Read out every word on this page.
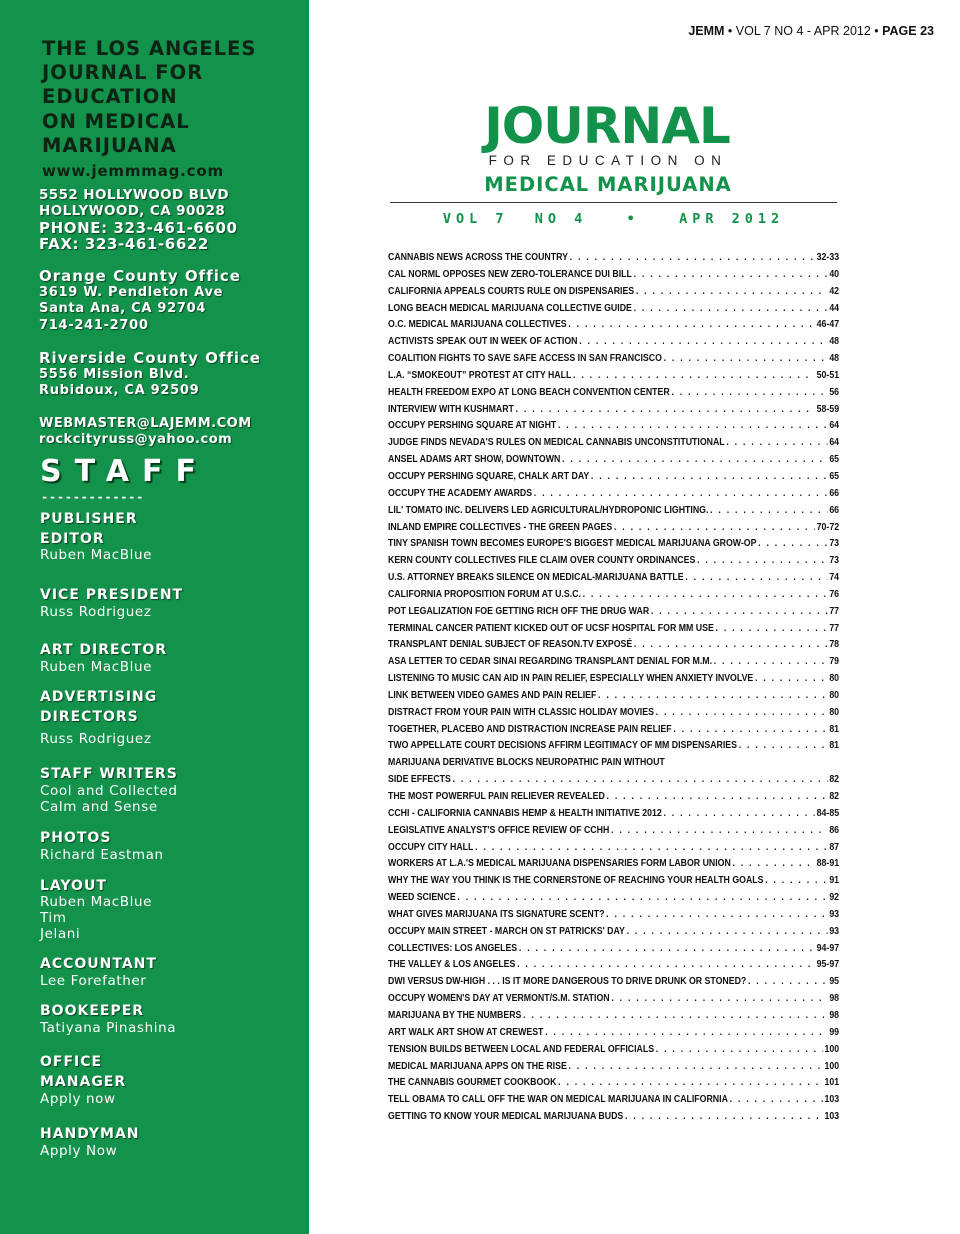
THE LOS ANGELES
JOURNAL FOR
EDUCATION
ON MEDICAL
MARIJUANA
www.jemmmag.com
5552 HOLLYWOOD BLVD
HOLLYWOOD, CA 90028
PHONE: 323-461-6600
FAX: 323-461-6622
Orange County Office
3619 W. Pendleton Ave
Santa Ana, CA 92704
714-241-2700
Riverside County Office
5556 Mission Blvd.
Rubidoux, CA 92509
WEBMASTER@LAJEMM.COM
rockcityruss@yahoo.com
STAFF
-------------
PUBLISHER
EDITOR
Ruben MacBlue
VICE PRESIDENT
Russ Rodriguez
ART DIRECTOR
Ruben MacBlue
ADVERTISING
DIRECTORS
Russ Rodriguez
STAFF WRITERS
Cool and Collected
Calm and Sense
PHOTOS
Richard Eastman
LAYOUT
Ruben MacBlue
Tim
Jelani
ACCOUNTANT
Lee Forefather
BOOKEEPER
Tatiyana Pinashina
OFFICE
MANAGER
Apply now
HANDYMAN
Apply Now
JEMM • VOL 7 NO 4 - APR 2012 • PAGE 23
JOURNAL
FOR EDUCATION ON
MEDICAL MARIJUANA
VOL 7  NO 4   •   APR 2012
CANNABIS NEWS ACROSS THE COUNTRY . . .	32-33
CAL NORML OPPOSES NEW ZERO-TOLERANCE DUI BILL . . .	40
CALIFORNIA APPEALS COURTS RULE ON DISPENSARIES . . .	42
LONG BEACH MEDICAL MARIJUANA COLLECTIVE GUIDE . . .	44
O.C. MEDICAL MARIJUANA COLLECTIVES . . .	46-47
ACTIVISTS SPEAK OUT IN WEEK OF ACTION . . .	48
COALITION FIGHTS TO SAVE SAFE ACCESS IN SAN FRANCISCO . . .	48
L.A. “SMOKEOUT” PROTEST AT CITY HALL . . .	50-51
HEALTH FREEDOM EXPO AT LONG BEACH CONVENTION CENTER . . .	56
INTERVIEW WITH KUSHMART . . .	58-59
OCCUPY PERSHING SQUARE AT NIGHT . . .	64
JUDGE FINDS NEVADA'S RULES ON MEDICAL CANNABIS UNCONSTITUTIONAL . . .	64
ANSEL ADAMS ART SHOW, DOWNTOWN . . .	65
OCCUPY PERSHING SQUARE, CHALK ART DAY . . .	65
OCCUPY THE ACADEMY AWARDS . . .	66
LIL' TOMATO INC. DELIVERS LED AGRICULTURAL/HYDROPONIC LIGHTING. . . .	66
INLAND EMPIRE COLLECTIVES - THE GREEN PAGES . . .	70-72
TINY SPANISH TOWN BECOMES EUROPE'S BIGGEST MEDICAL MARIJUANA GROW-OP . . .	73
KERN COUNTY COLLECTIVES FILE CLAIM OVER COUNTY ORDINANCES . . .	73
U.S. ATTORNEY BREAKS SILENCE ON MEDICAL-MARIJUANA BATTLE . . .	74
CALIFORNIA PROPOSITION FORUM AT U.S.C. . . .	76
POT LEGALIZATION FOE GETTING RICH OFF THE DRUG WAR . . .	77
TERMINAL CANCER PATIENT KICKED OUT OF UCSF HOSPITAL FOR MM USE . . .	77
TRANSPLANT DENIAL SUBJECT OF REASON.TV EXPOSÉ . . .	78
ASA LETTER TO CEDAR SINAI REGARDING TRANSPLANT DENIAL FOR M.M. . . .	79
LISTENING TO MUSIC CAN AID IN PAIN RELIEF, ESPECIALLY WHEN ANXIETY INVOLVE . . .	80
LINK BETWEEN VIDEO GAMES AND PAIN RELIEF . . .	80
DISTRACT FROM YOUR PAIN WITH CLASSIC HOLIDAY MOVIES . . .	80
TOGETHER, PLACEBO AND DISTRACTION INCREASE PAIN RELIEF . . .	81
TWO APPELLATE COURT DECISIONS AFFIRM LEGITIMACY OF MM DISPENSARIES . . .	81
MARIJUANA DERIVATIVE BLOCKS NEUROPATHIC PAIN WITHOUT
SIDE EFFECTS . . .	82
THE MOST POWERFUL PAIN RELIEVER REVEALED . . .	82
CCHI - CALIFORNIA CANNABIS HEMP & HEALTH INITIATIVE 2012 . . .	84-85
LEGISLATIVE ANALYST'S OFFICE REVIEW OF CCHH . . .	86
OCCUPY CITY HALL . . .	87
WORKERS AT L.A.'S MEDICAL MARIJUANA DISPENSARIES FORM LABOR UNION . . .	88-91
WHY THE WAY YOU THINK IS THE CORNERSTONE OF REACHING YOUR HEALTH GOALS . . .	91
WEED SCIENCE . . .	92
WHAT GIVES MARIJUANA ITS SIGNATURE SCENT? . . .	93
OCCUPY MAIN STREET - MARCH ON ST PATRICKS' DAY . . .	93
COLLECTIVES: LOS ANGELES . . .	94-97
THE VALLEY & LOS ANGELES . . .	95-97
DWI VERSUS DW-HIGH . . . IS IT MORE DANGEROUS TO DRIVE DRUNK OR STONED? . . .	95
OCCUPY WOMEN'S DAY AT VERMONT/S.M. STATION . . .	98
MARIJUANA BY THE NUMBERS . . .	98
ART WALK ART SHOW AT CREWEST . . .	99
TENSION BUILDS BETWEEN LOCAL AND FEDERAL OFFICIALS . . .	100
MEDICAL MARIJUANA APPS ON THE RISE . . .	100
THE CANNABIS GOURMET COOKBOOK . . .	101
TELL OBAMA TO CALL OFF THE WAR ON MEDICAL MARIJUANA IN CALIFORNIA . . .	103
GETTING TO KNOW YOUR MEDICAL MARIJUANA BUDS . . .	103
